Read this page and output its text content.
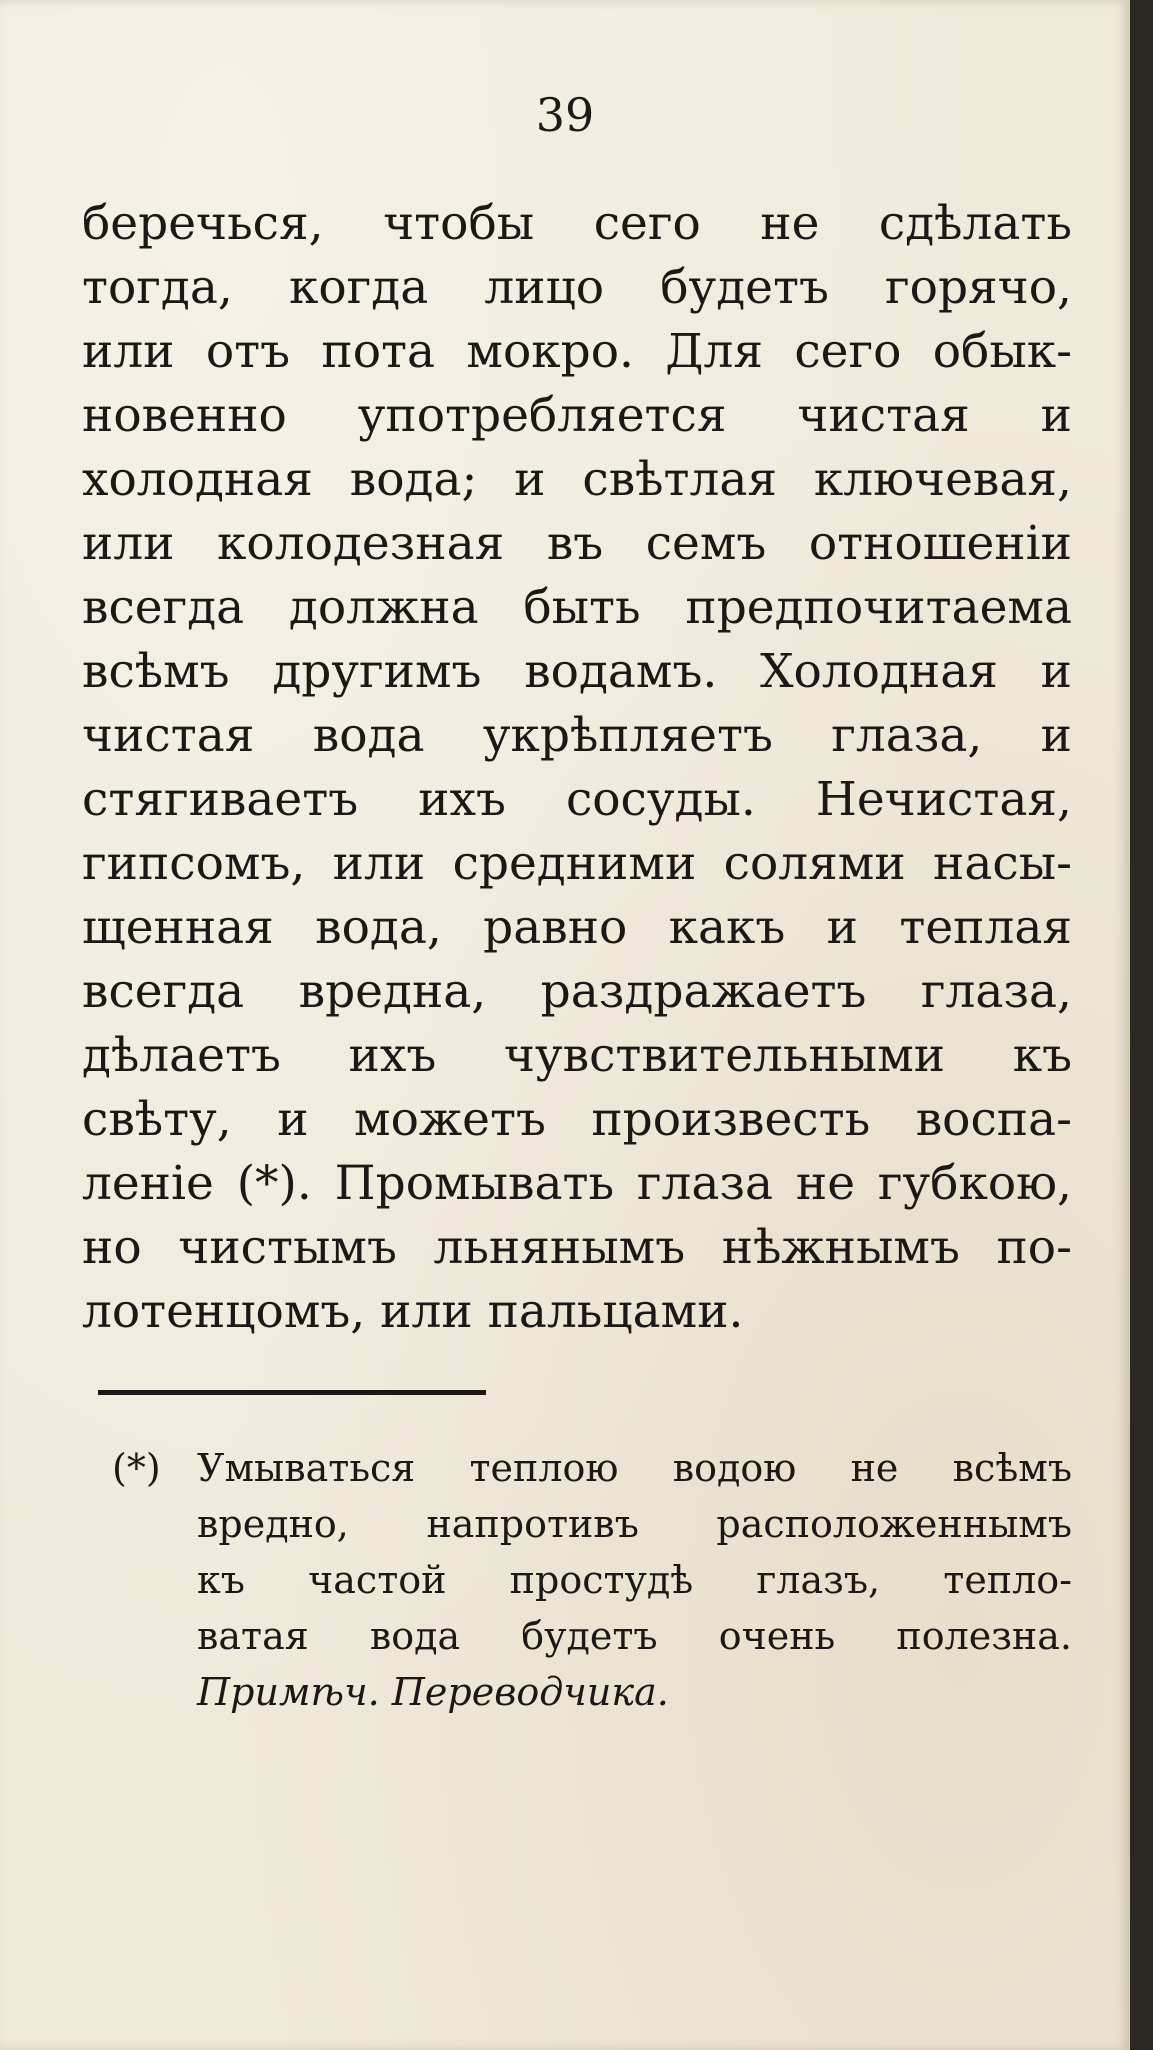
39
беречься, чтобы сего не сдѣлать
тогда, когда лицо будетъ горячо,
или отъ пота мокро. Для сего обык-
новенно употребляется чистая и
холодная вода; и свѣтлая ключевая,
или колодезная въ семъ отношеніи
всегда должна быть предпочитаема
всѣмъ другимъ водамъ. Холодная и
чистая вода укрѣпляетъ глаза, и
стягиваетъ ихъ сосуды. Нечистая,
гипсомъ, или средними солями насы-
щенная вода, равно какъ и теплая
всегда вредна, раздражаетъ глаза,
дѣлаетъ ихъ чувствительными къ
свѣту, и можетъ произвесть воспа-
леніе (*). Промывать глаза не губкою,
но чистымъ льнянымъ нѣжнымъ по-
лотенцомъ, или пальцами.
(*) Умываться теплою водою не всѣмъ
вредно, напротивъ расположеннымъ
къ частой простудѣ глазъ, тепло-
ватая вода будетъ очень полезна.
Примѣч. Переводчика.
